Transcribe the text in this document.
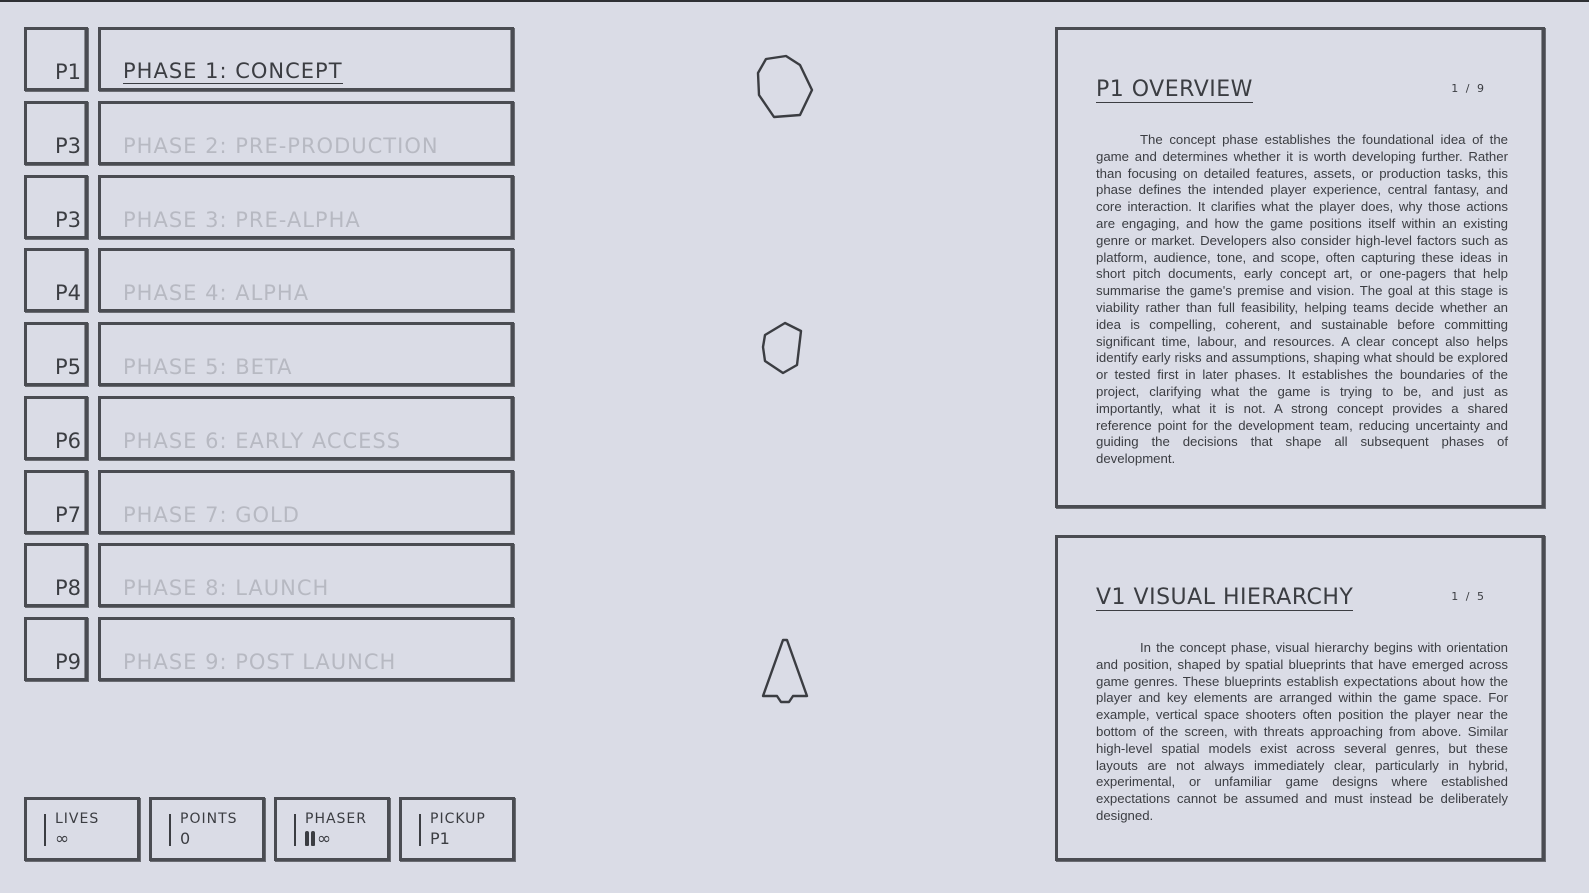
P1 PHASE 1: CONCEPT
P3 PHASE 2: PRE-PRODUCTION
P3 PHASE 3: PRE-ALPHA
P4 PHASE 4: ALPHA
P5 PHASE 5: BETA
P6 PHASE 6: EARLY ACCESS
P7 PHASE 7: GOLD
P8 PHASE 8: LAUNCH
P9 PHASE 9: POST LAUNCH
LIVES
∞
POINTS
0
PHASER
∞
PICKUP
P1
P1 OVERVIEW	1 / 9

The concept phase establishes the foundational idea of the game and determines whether it is worth developing further. Rather than focusing on detailed features, assets, or production tasks, this phase defines the intended player experience, central fantasy, and core interaction. It clarifies what the player does, why those actions are engaging, and how the game positions itself within an existing genre or market. Developers also consider high-level factors such as platform, audience, tone, and scope, often capturing these ideas in short pitch documents, early concept art, or one-pagers that help summarise the game's premise and vision. The goal at this stage is viability rather than full feasibility, helping teams decide whether an idea is compelling, coherent, and sustainable before committing significant time, labour, and resources. A clear concept also helps identify early risks and assumptions, shaping what should be explored or tested first in later phases. It establishes the boundaries of the project, clarifying what the game is trying to be, and just as importantly, what it is not. A strong concept provides a shared reference point for the development team, reducing uncertainty and guiding the decisions that shape all subsequent phases of development.

V1 VISUAL HIERARCHY	1 / 5

In the concept phase, visual hierarchy begins with orientation and position, shaped by spatial blueprints that have emerged across game genres. These blueprints establish expectations about how the player and key elements are arranged within the game space. For example, vertical space shooters often position the player near the bottom of the screen, with threats approaching from above. Similar high-level spatial models exist across several genres, but these layouts are not always immediately clear, particularly in hybrid, experimental, or unfamiliar game designs where established expectations cannot be assumed and must instead be deliberately designed.
